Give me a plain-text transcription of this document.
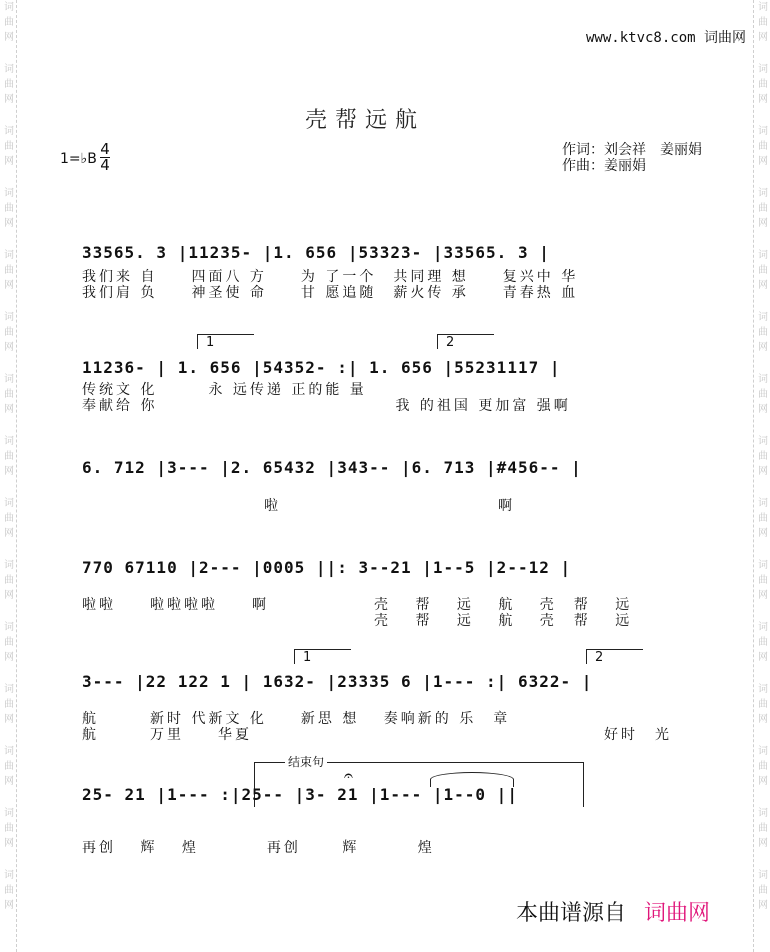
词
曲
网
词
曲
网
词
曲
网
词
曲
网
词
曲
网
词
曲
网
词
曲
网
词
曲
网
词
曲
网
词
曲
网
词
曲
网
词
曲
网
词
曲
网
词
曲
网
词
曲
网
词
曲
网
词
曲
网
词
曲
网
词
曲
网
词
曲
网
词
曲
网
词
曲
网
词
曲
网
词
曲
网
词
曲
网
词
曲
网
词
曲
网
词
曲
网
词
曲
网
词
曲
网
www.ktvc8.com 词曲网
壳帮远航
1=♭B
4
4
作词：刘会祥　姜丽娟
作曲：姜丽娟
33565. 3 |11235- |1. 656 |53323- |33565. 3 |
我们来 自　　四面八 方　　为 了一个　共同理 想　　复兴中 华
我们肩 负　　神圣使 命　　甘 愿追随　薪火传 承　　青春热 血
1	2
11236- | 1. 656 |54352- :| 1. 656 |55231117 |
传统文 化　　　永 远传递 正的能 量
奉献给 你　　　　　　　　　　　　　　我 的祖国 更加富 强啊
6. 712 |3--- |2. 65432 |343-- |6. 713 |#456-- |
啦	啊
770 67110 |2--- |0005 ||: 3--21 |1--5 |2--12 |
啦啦　　啦啦啦啦　　啊	壳　 帮　 远　 航　 壳　帮　 远
壳　 帮　 远　 航　 壳　帮　 远
1	2
3--- |22 122 1 | 1632- |23335 6 |1--- :| 6322- |
航　　　新时 代新文 化　　新思 想　 奏响新的 乐　章
航　　　万里　　华夏	好时　光
结束句
𝄐
25- 21 |1--- :|25-- |3- 21 |1--- |1--0 ||
再创　 辉　 煌　　　　再创　　 辉　　　 煌
本曲谱源自 词曲网
